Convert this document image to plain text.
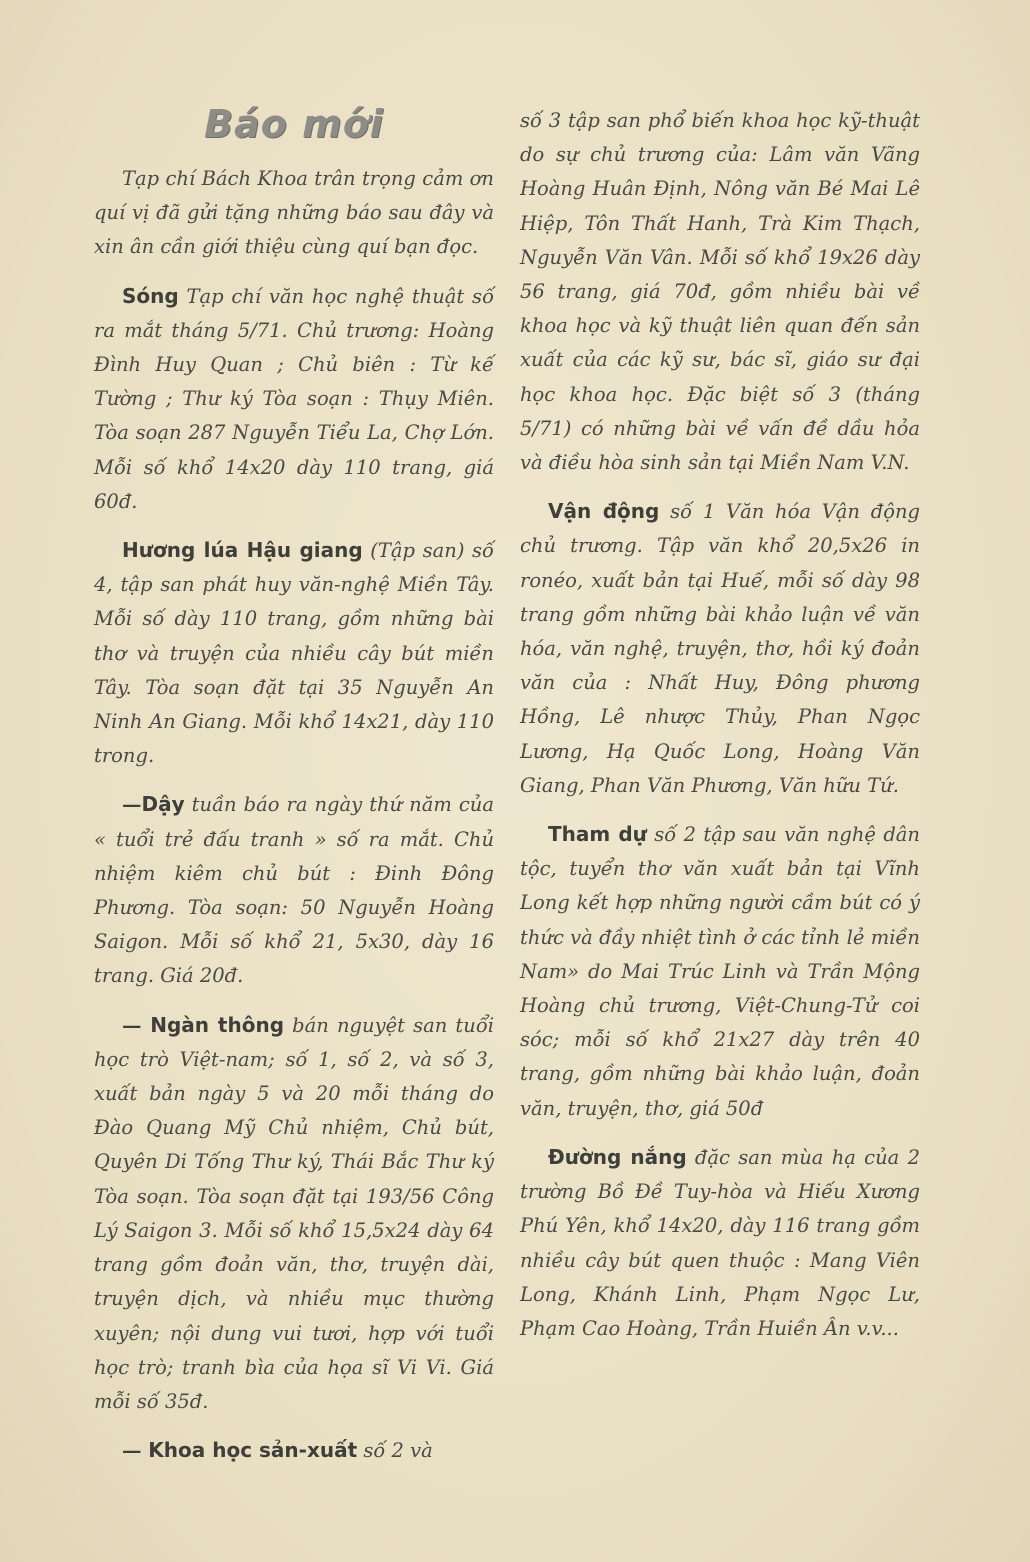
Báo mới

Tạp chí Bách Khoa trân trọng cảm ơn quí vị đã gửi tặng những báo sau đây và xin ân cần giới thiệu cùng quí bạn đọc.

Sóng Tạp chí văn học nghệ thuật số ra mắt tháng 5/71. Chủ trương: Hoàng Đình Huy Quan ; Chủ biên : Từ kế Tường ; Thư ký Tòa soạn : Thụy Miên. Tòa soạn 287 Nguyễn Tiểu La, Chợ Lớn. Mỗi số khổ 14x20 dày 110 trang, giá 60đ.

Hương lúa Hậu giang (Tập san) số 4, tập san phát huy văn-nghệ Miền Tây. Mỗi số dày 110 trang, gồm những bài thơ và truyện của nhiều cây bút miền Tây. Tòa soạn đặt tại 35 Nguyễn An Ninh An Giang. Mỗi khổ 14x21, dày 110 trong.

—Dậy tuần báo ra ngày thứ năm của « tuổi trẻ đấu tranh » số ra mắt. Chủ nhiệm kiêm chủ bút : Đinh Đông Phương. Tòa soạn: 50 Nguyễn Hoàng Saigon. Mỗi số khổ 21, 5x30, dày 16 trang. Giá 20đ.

— Ngàn thông bán nguyệt san tuổi học trò Việt-nam; số 1, số 2, và số 3, xuất bản ngày 5 và 20 mỗi tháng do Đào Quang Mỹ Chủ nhiệm, Chủ bút, Quyên Di Tống Thư ký, Thái Bắc Thư ký Tòa soạn. Tòa soạn đặt tại 193/56 Công Lý Saigon 3. Mỗi số khổ 15,5x24 dày 64 trang gồm đoản văn, thơ, truyện dài, truyện dịch, và nhiều mục thường xuyên; nội dung vui tươi, hợp với tuổi học trò; tranh bìa của họa sĩ Vi Vi. Giá mỗi số 35đ.

— Khoa học sản-xuất số 2 và

số 3 tập san phổ biến khoa học kỹ-thuật do sự chủ trương của: Lâm văn Vãng Hoàng Huân Định, Nông văn Bé Mai Lê Hiệp, Tôn Thất Hanh, Trà Kim Thạch, Nguyễn Văn Vân. Mỗi số khổ 19x26 dày 56 trang, giá 70đ, gồm nhiều bài về khoa học và kỹ thuật liên quan đến sản xuất của các kỹ sư, bác sĩ, giáo sư đại học khoa học. Đặc biệt số 3 (tháng 5/71) có những bài về vấn đề dầu hỏa và điều hòa sinh sản tại Miền Nam V.N.

Vận động số 1 Văn hóa Vận động chủ trương. Tập văn khổ 20,5x26 in ronéo, xuất bản tại Huế, mỗi số dày 98 trang gồm những bài khảo luận về văn hóa, văn nghệ, truyện, thơ, hồi ký đoản văn của : Nhất Huy, Đông phương Hồng, Lê nhược Thủy, Phan Ngọc Lương, Hạ Quốc Long, Hoàng Văn Giang, Phan Văn Phương, Văn hữu Tứ.

Tham dự số 2 tập sau văn nghệ dân tộc, tuyển thơ văn xuất bản tại Vĩnh Long kết hợp những người cầm bút có ý thức và đầy nhiệt tình ở các tỉnh lẻ miền Nam» do Mai Trúc Linh và Trần Mộng Hoàng chủ trương, Việt-Chung-Tử coi sóc; mỗi số khổ 21x27 dày trên 40 trang, gồm những bài khảo luận, đoản văn, truyện, thơ, giá 50đ

Đường nắng đặc san mùa hạ của 2 trường Bồ Đề Tuy-hòa và Hiếu Xương Phú Yên, khổ 14x20, dày 116 trang gồm nhiều cây bút quen thuộc : Mang Viên Long, Khánh Linh, Phạm Ngọc Lư, Phạm Cao Hoàng, Trần Huiền Ân v.v...
